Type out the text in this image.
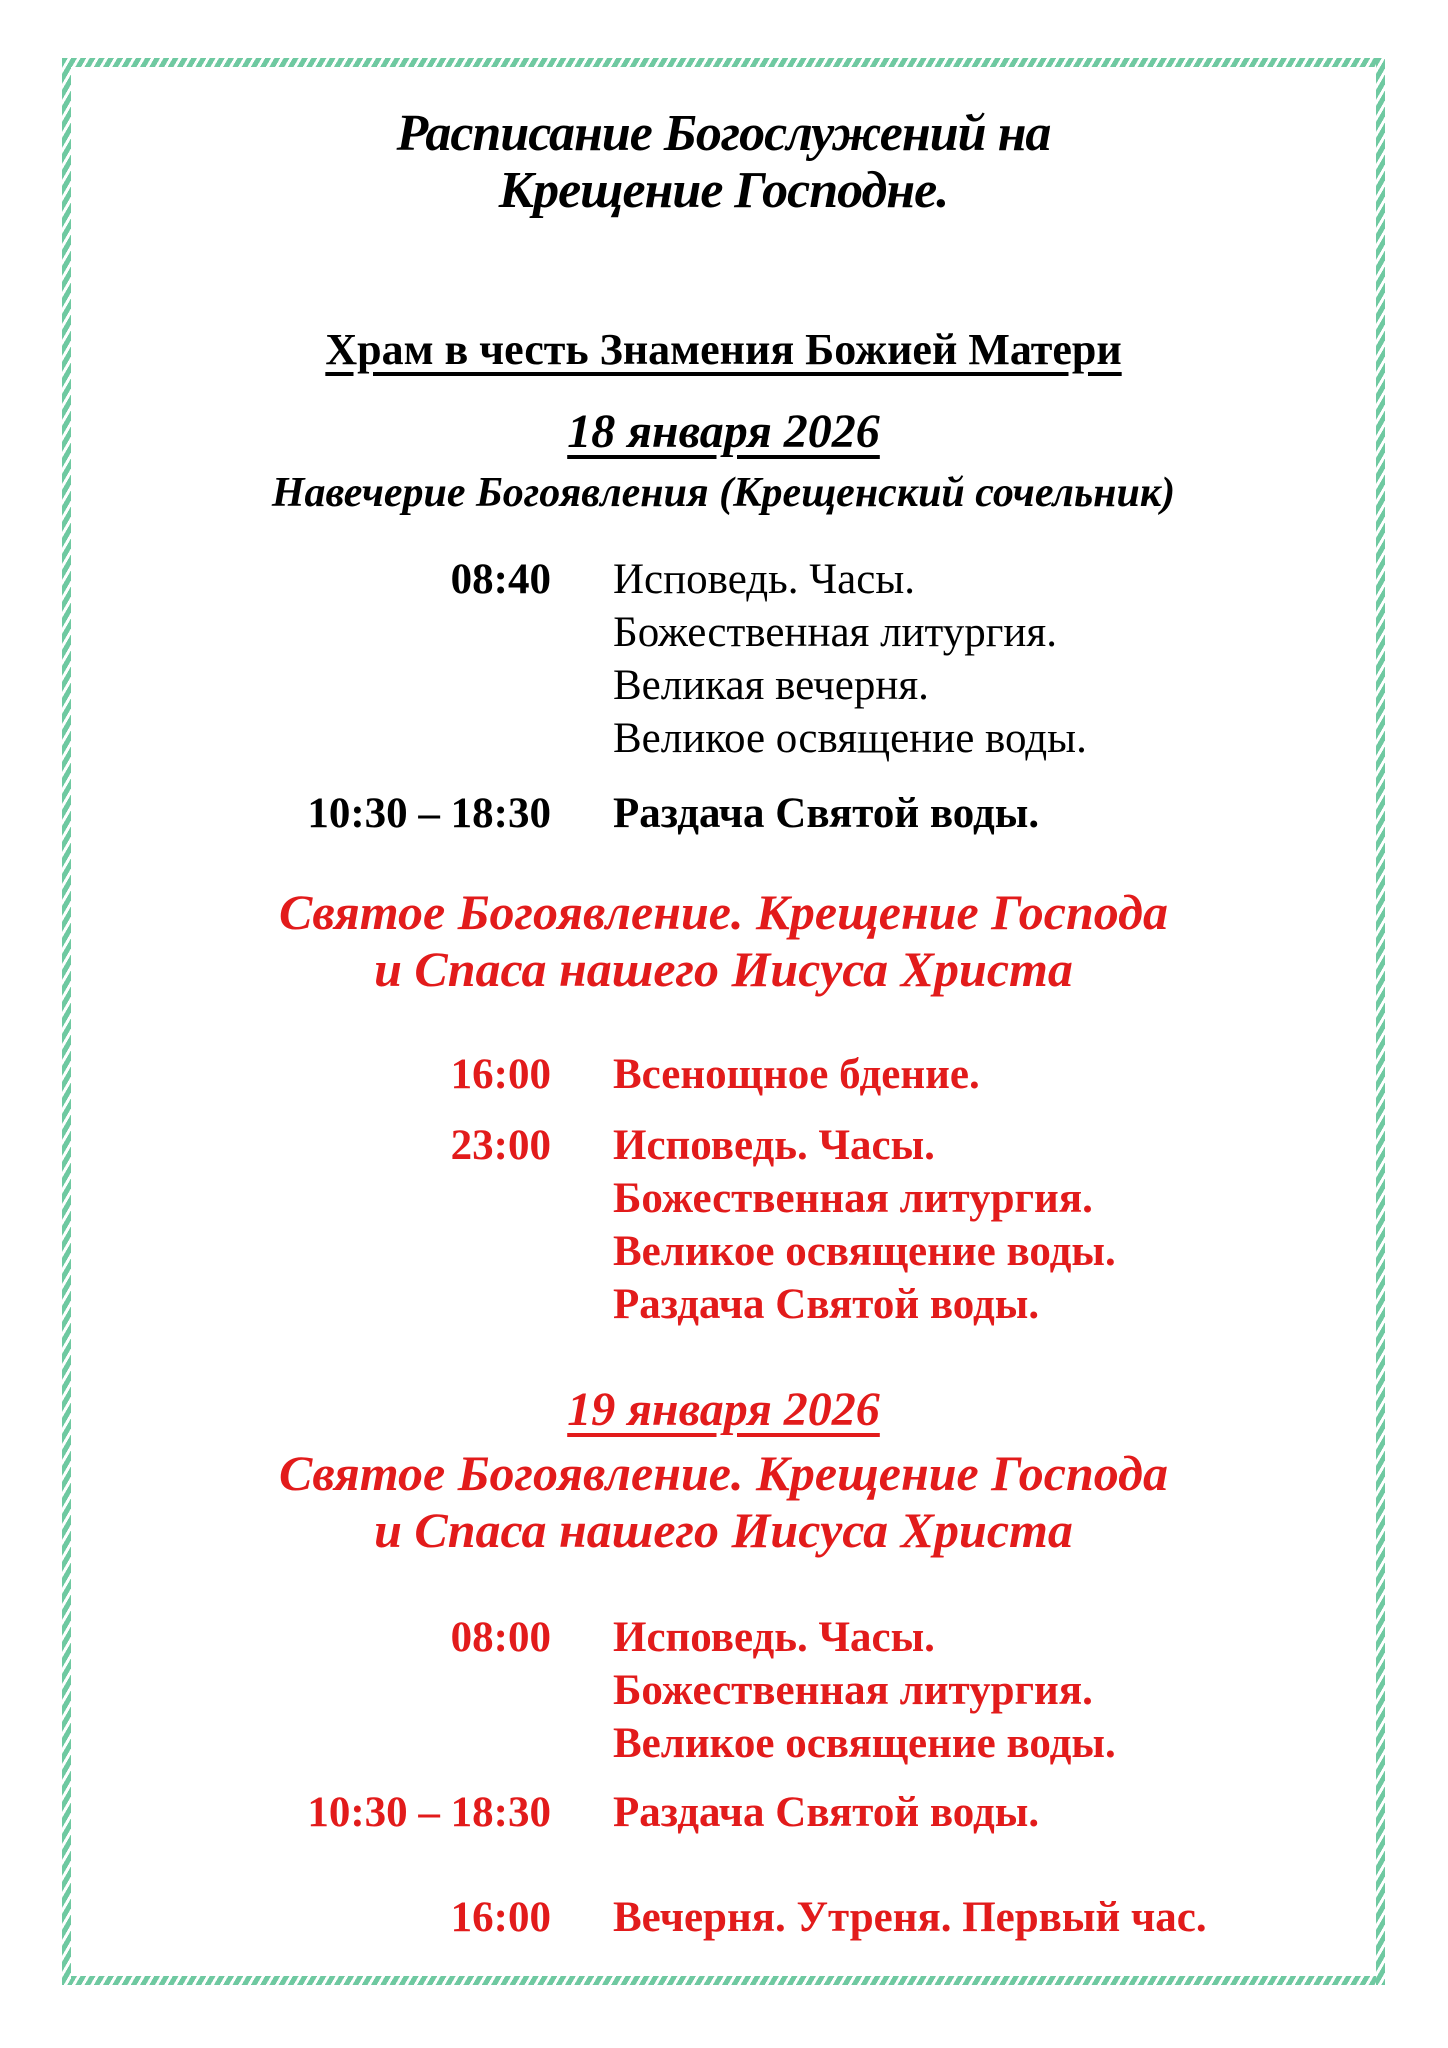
Расписание Богослужений на
Крещение Господне.
Храм в честь Знамения Божией Матери
18 января 2026
Навечерие Богоявления (Крещенский сочельник)
08:40 Исповедь. Часы.
Божественная литургия.
Великая вечерня.
Великое освящение воды.
10:30 – 18:30 Раздача Святой воды.
Святое Богоявление. Крещение Господа
и Спаса нашего Иисуса Христа
16:00 Всенощное бдение.
23:00 Исповедь. Часы.
Божественная литургия.
Великое освящение воды.
Раздача Святой воды.
19 января 2026
Святое Богоявление. Крещение Господа
и Спаса нашего Иисуса Христа
08:00 Исповедь. Часы.
Божественная литургия.
Великое освящение воды.
10:30 – 18:30 Раздача Святой воды.
16:00 Вечерня. Утреня. Первый час.
